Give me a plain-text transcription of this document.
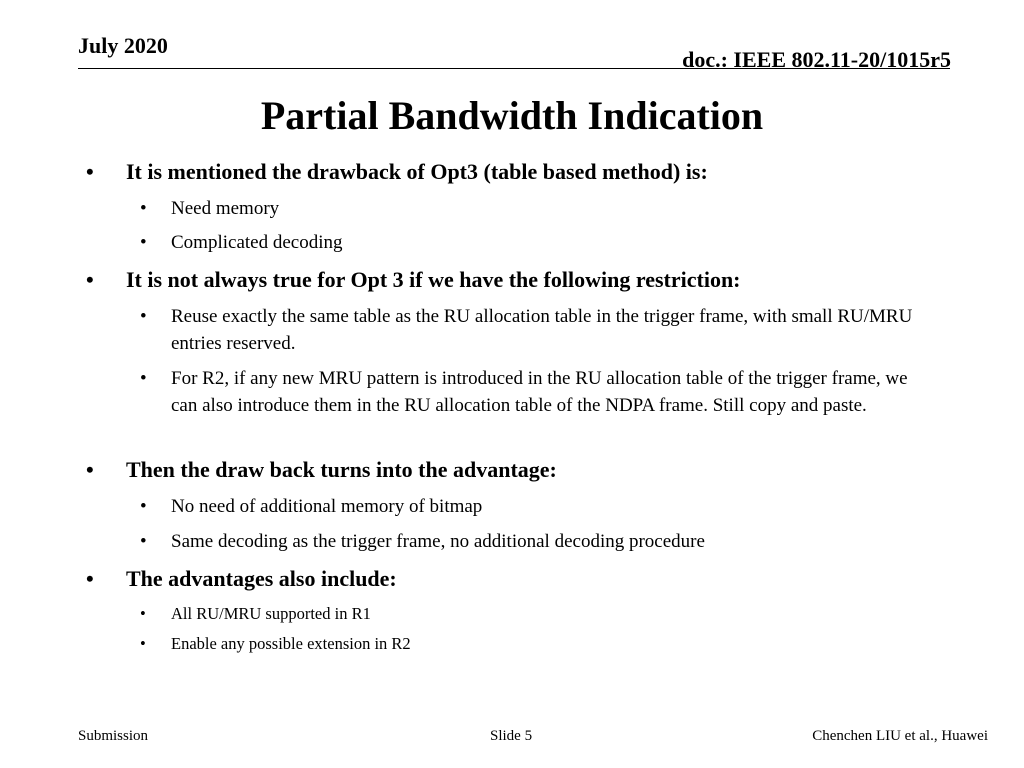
July 2020
doc.: IEEE 802.11-20/1015r5
Partial Bandwidth Indication
•	It is mentioned the drawback of Opt3 (table based method) is:
•	Need memory
•	Complicated decoding
•	It is not always true for Opt 3 if we have the following restriction:
•	Reuse exactly the same table as the RU allocation table in the trigger frame, with small RU/MRU entries reserved.
•	For R2, if any new MRU pattern is introduced in the RU allocation table of the trigger frame, we can also introduce them in the RU allocation table of the NDPA frame. Still copy and paste.
•	Then the draw back turns into the advantage:
•	No need of additional memory of bitmap
•	Same decoding as the trigger frame, no additional decoding procedure
•	The advantages also include:
•	All RU/MRU supported in R1
•	Enable any possible extension in R2
Submission	Slide 5	Chenchen LIU et al., Huawei
